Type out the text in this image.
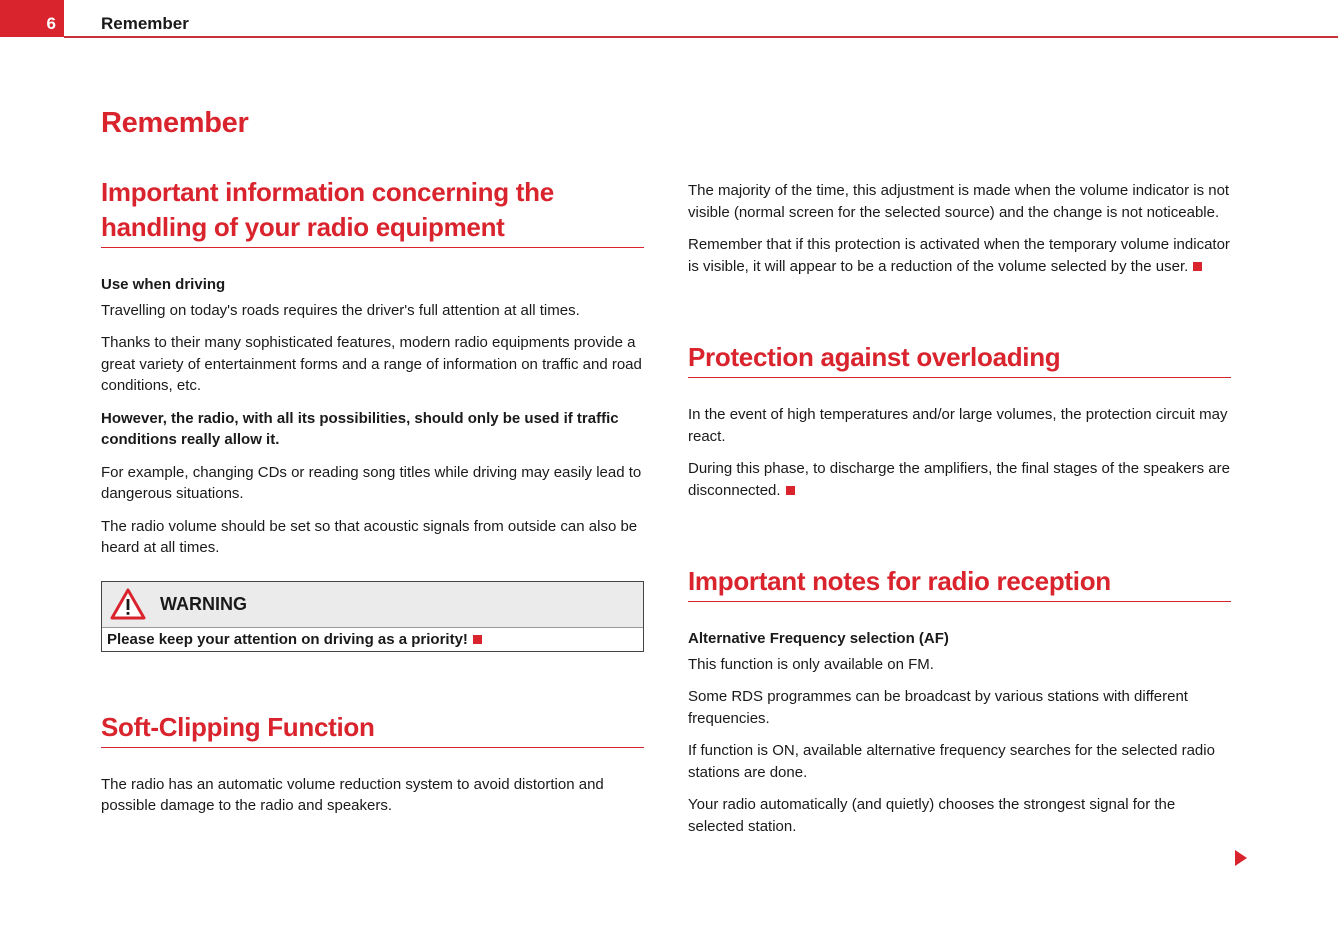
6	Remember
Remember
Important information concerning the handling of your radio equipment

Use when driving

Travelling on today's roads requires the driver's full attention at all times.

Thanks to their many sophisticated features, modern radio equipments provide a great variety of entertainment forms and a range of information on traffic and road conditions, etc.

However, the radio, with all its possibilities, should only be used if traffic conditions really allow it.

For example, changing CDs or reading song titles while driving may easily lead to dangerous situations.

The radio volume should be set so that acoustic signals from outside can also be heard at all times.

WARNING
Please keep your attention on driving as a priority!
Soft-Clipping Function

The radio has an automatic volume reduction system to avoid distortion and possible damage to the radio and speakers.

The majority of the time, this adjustment is made when the volume indicator is not visible (normal screen for the selected source) and the change is not noticeable.

Remember that if this protection is activated when the temporary volume indicator is visible, it will appear to be a reduction of the volume selected by the user.

Protection against overloading

In the event of high temperatures and/or large volumes, the protection circuit may react.

During this phase, to discharge the amplifiers, the final stages of the speakers are disconnected.

Important notes for radio reception

Alternative Frequency selection (AF)

This function is only available on FM.

Some RDS programmes can be broadcast by various stations with different frequencies.

If function is ON, available alternative frequency searches for the selected radio stations are done.

Your radio automatically (and quietly) chooses the strongest signal for the selected station.
